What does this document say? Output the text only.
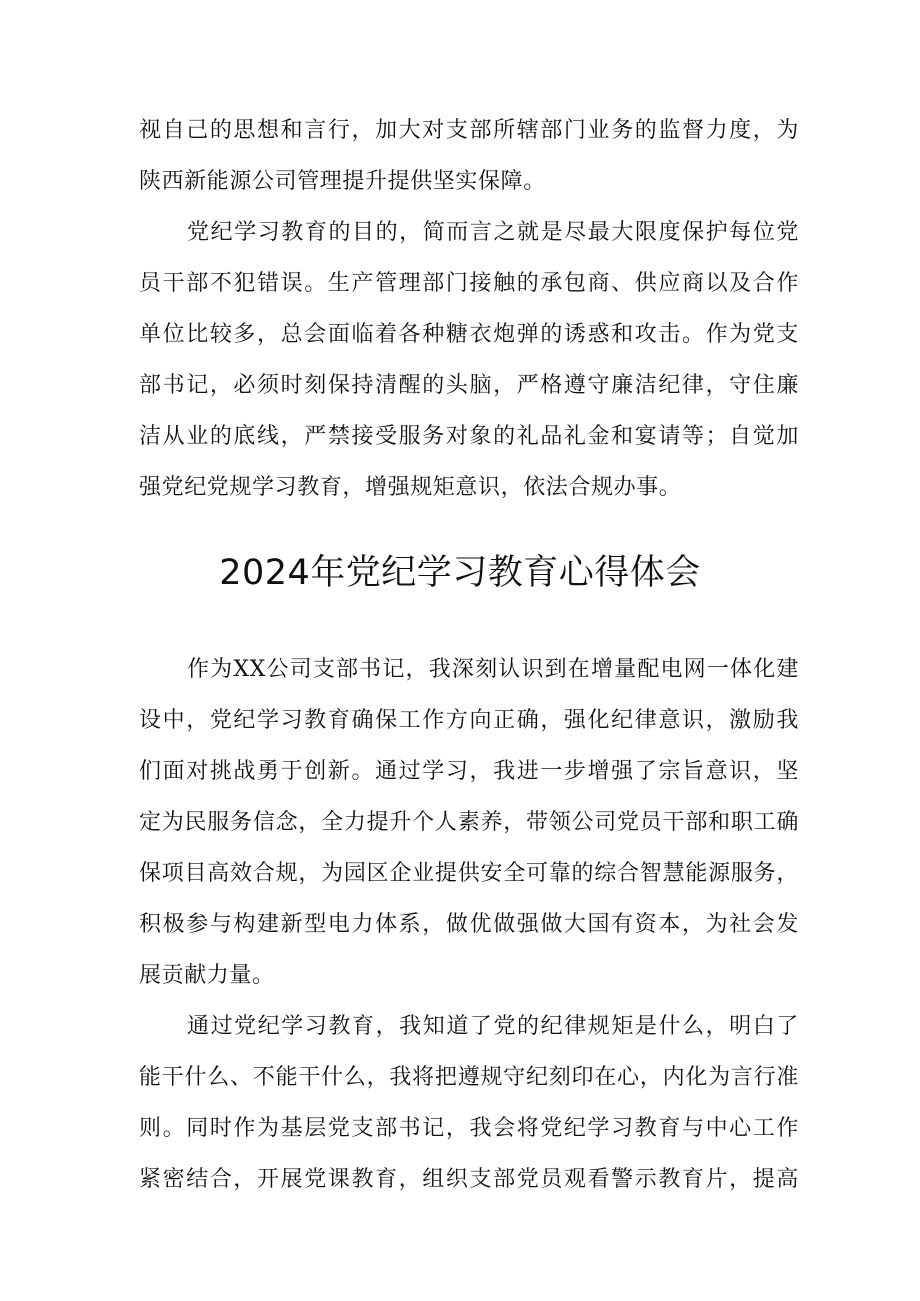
视自己的思想和言行，加大对支部所辖部门业务的监督力度，为
陕西新能源公司管理提升提供坚实保障。
党纪学习教育的目的，简而言之就是尽最大限度保护每位党
员干部不犯错误。生产管理部门接触的承包商、供应商以及合作
单位比较多，总会面临着各种糖衣炮弹的诱惑和攻击。作为党支
部书记，必须时刻保持清醒的头脑，严格遵守廉洁纪律，守住廉
洁从业的底线，严禁接受服务对象的礼品礼金和宴请等；自觉加
强党纪党规学习教育，增强规矩意识，依法合规办事。
2024年党纪学习教育心得体会
作为XX公司支部书记，我深刻认识到在增量配电网一体化建
设中，党纪学习教育确保工作方向正确，强化纪律意识，激励我
们面对挑战勇于创新。通过学习，我进一步增强了宗旨意识，坚
定为民服务信念，全力提升个人素养，带领公司党员干部和职工确
保项目高效合规，为园区企业提供安全可靠的综合智慧能源服务，
积极参与构建新型电力体系，做优做强做大国有资本，为社会发
展贡献力量。
通过党纪学习教育，我知道了党的纪律规矩是什么，明白了
能干什么、不能干什么，我将把遵规守纪刻印在心，内化为言行准
则。同时作为基层党支部书记，我会将党纪学习教育与中心工作
紧密结合，开展党课教育，组织支部党员观看警示教育片，提高
